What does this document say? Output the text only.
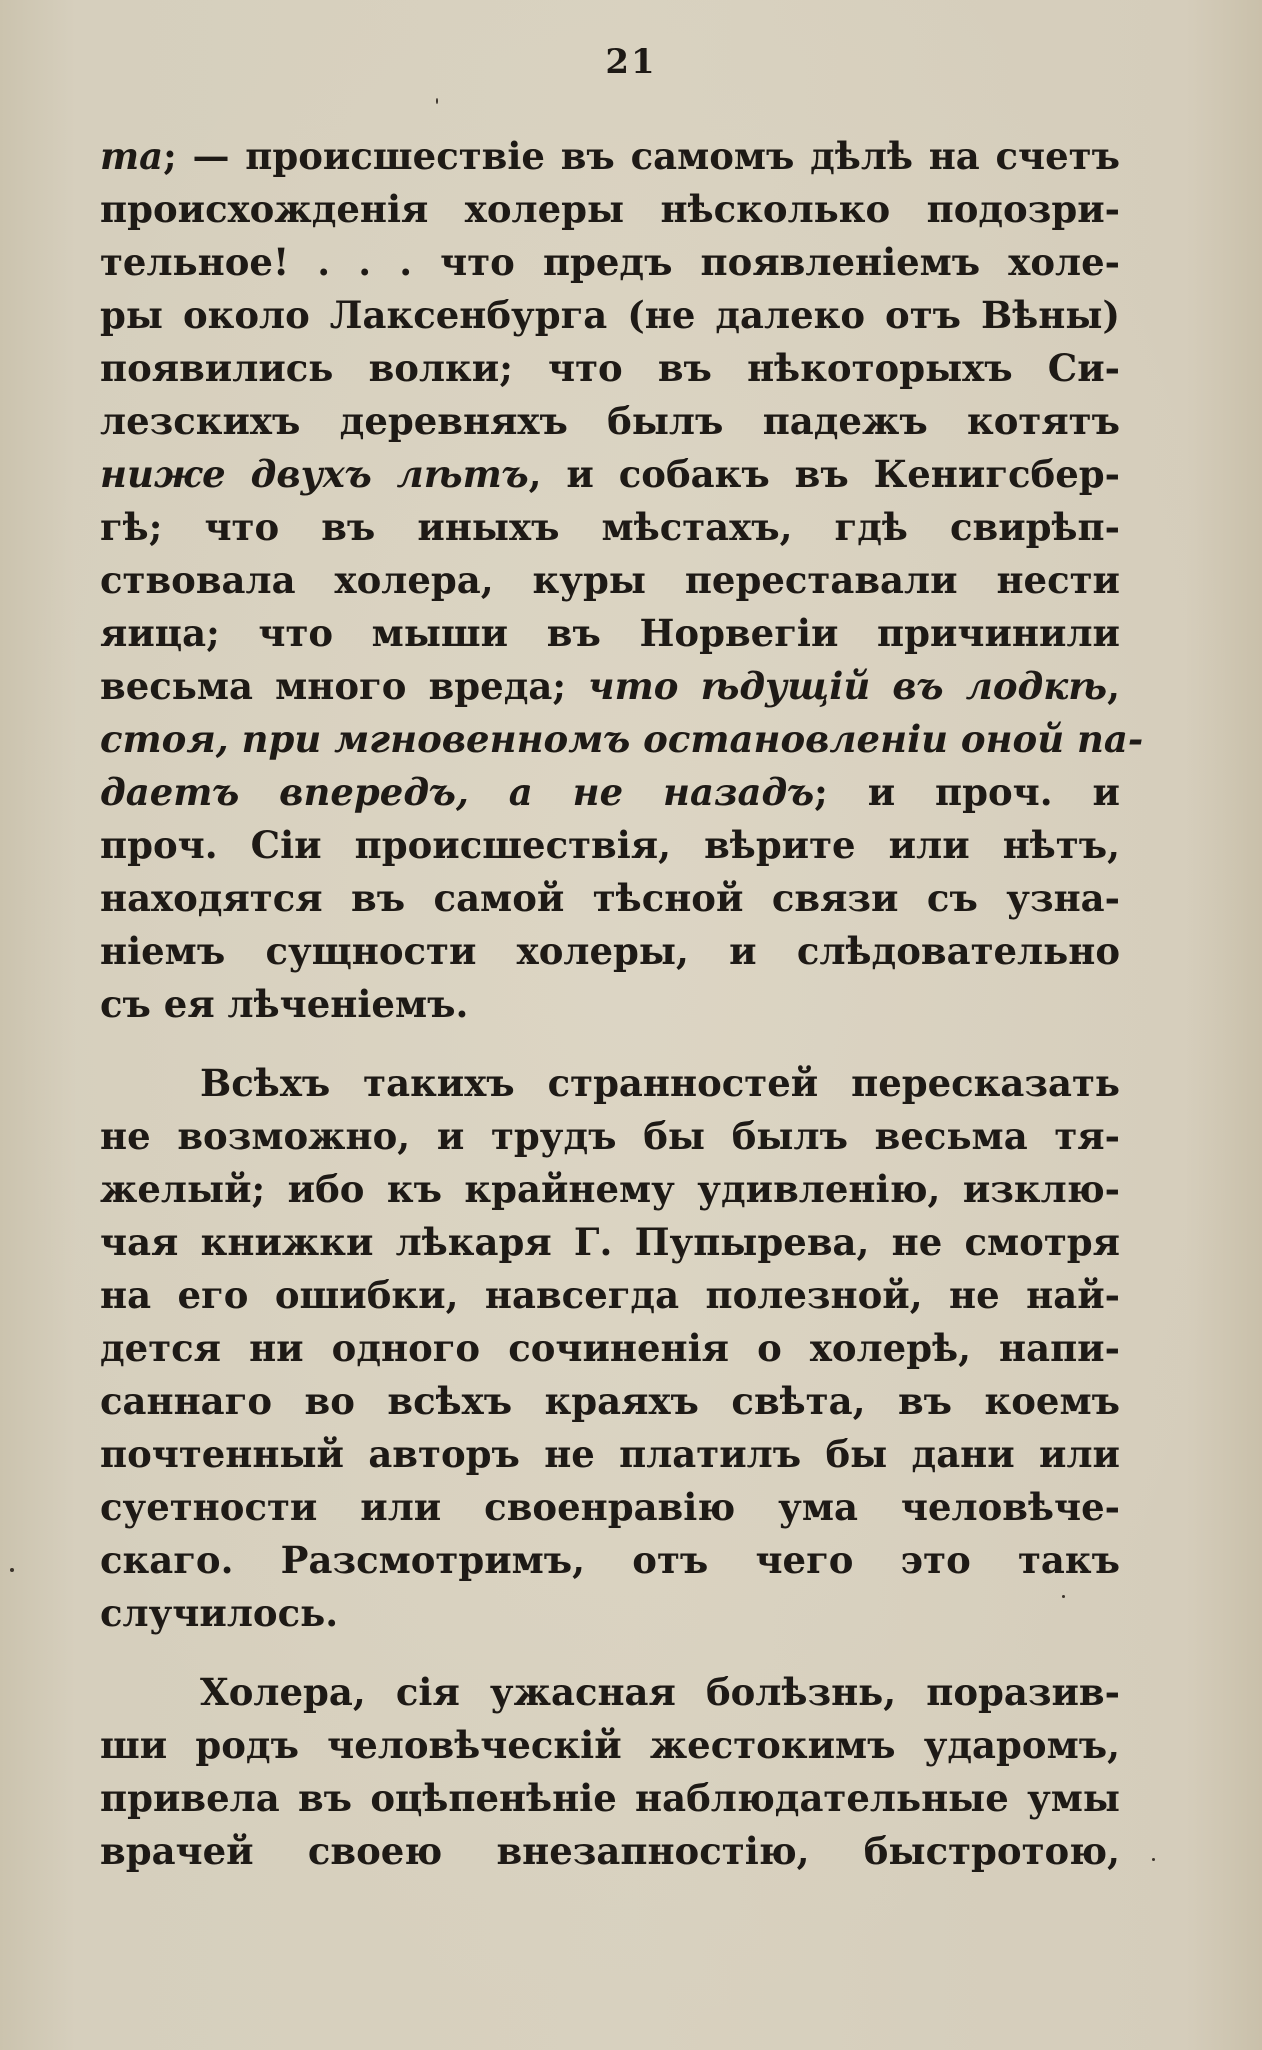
21
та; — происшествіе въ самомъ дѣлѣ на счетъ
происхожденія холеры нѣсколько подозри-
тельное! . . . что предъ появленіемъ холе-
ры около Лаксенбурга (не далеко отъ Вѣны)
появились волки; что въ нѣкоторыхъ Си-
лезскихъ деревняхъ былъ падежъ котятъ
ниже двухъ лѣтъ, и собакъ въ Кенигсбер-
гѣ; что въ иныхъ мѣстахъ, гдѣ свирѣп-
ствовала холера, куры переставали нести
яица; что мыши въ Норвегіи причинили
весьма много вреда; что ѣдущій въ лодкѣ,
стоя, при мгновенномъ остановленіи оной па-
даетъ впередъ, а не назадъ; и проч. и
проч. Сіи происшествія, вѣрите или нѣтъ,
находятся въ самой тѣсной связи съ узна-
ніемъ сущности холеры, и слѣдовательно
съ ея лѣченіемъ.
Всѣхъ такихъ странностей пересказать
не возможно, и трудъ бы былъ весьма тя-
желый; ибо къ крайнему удивленію, изклю-
чая книжки лѣкаря Г. Пупырева, не смотря
на его ошибки, навсегда полезной, не най-
дется ни одного сочиненія о холерѣ, напи-
саннаго во всѣхъ краяхъ свѣта, въ коемъ
почтенный авторъ не платилъ бы дани или
суетности или своенравію ума человѣче-
скаго. Разсмотримъ, отъ чего это такъ
случилось.
Холера, сія ужасная болѣзнь, поразив-
ши родъ человѣческій жестокимъ ударомъ,
привела въ оцѣпенѣніе наблюдательные умы
врачей своею внезапностію, быстротою,
